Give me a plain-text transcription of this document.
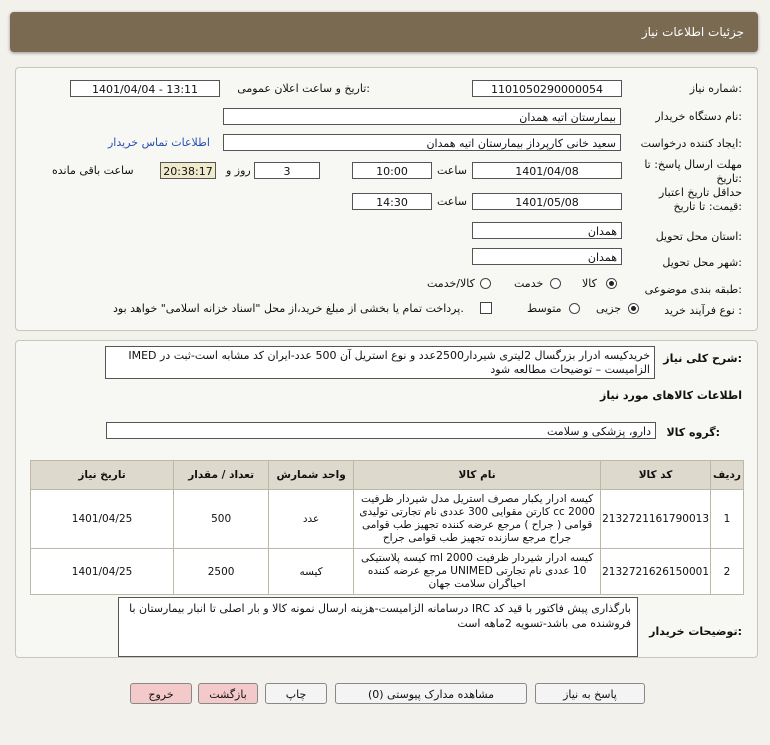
جزئیات اطلاعات نیاز
شماره نیاز:
1101050290000054
تاریخ و ساعت اعلان عمومی:
1401/04/04 - 13:11
نام دستگاه خریدار:
بیمارستان اتیه همدان
ایجاد کننده درخواست:
سعید خانی کارپرداز بیمارستان اتیه همدان
اطلاعات تماس خریدار
مهلت ارسال پاسخ: تا تاریخ:
1401/04/08
ساعت
10:00
روز و	3
20:38:17
ساعت باقی مانده
حداقل تاریخ اعتبار قیمت: تا تاریخ:
1401/05/08
ساعت
14:30
استان محل تحویل:
همدان
شهر محل تحویل:
همدان
طبقه بندی موضوعی:
کالا
خدمت
کالا/خدمت
نوع فرآیند خرید :
جزیی
متوسط
پرداخت تمام یا بخشی از مبلغ خرید،از محل "اسناد خزانه اسلامی" خواهد بود.
شرح کلی نیاز:
خریدکیسه ادرار بزرگسال 2لیتری شیردار2500عدد و نوع استریل آن 500 عدد-ایران کد مشابه است-ثبت در IMED الزامیست – توضیحات مطالعه شود
اطلاعات کالاهای مورد نیاز
گروه کالا:
دارو، پزشکی و سلامت
ردیف	کد کالا	نام کالا	واحد شمارش	تعداد / مقدار	تاریخ نیاز
1	2132721161790013	کیسه ادرار یکبار مصرف استریل مدل شیردار ظرفیت cc 2000 کارتن مقوایی 300 عددی نام تجارتی تولیدی قوامی ( جراح ) مرجع عرضه کننده تجهیز طب قوامی جراح مرجع سازنده تجهیز طب قوامی جراح	عدد	500	1401/04/25
2	2132721626150001	کیسه ادرار شیردار ظرفیت ml 2000 کیسه پلاستیکی 10 عددی نام تجارتی UNIMED مرجع عرضه کننده احیاگران سلامت جهان	کیسه	2500	1401/04/25
توضیحات خریدار:
بارگذاری پیش فاکتور با قید کد IRC درسامانه الزامیست-هزینه ارسال نمونه کالا و بار اصلی تا انبار بیمارستان با فروشنده می باشد-تسویه 2ماهه است
پاسخ به نیاز
مشاهده مدارک پیوستی (0)
چاپ
بازگشت
خروج
